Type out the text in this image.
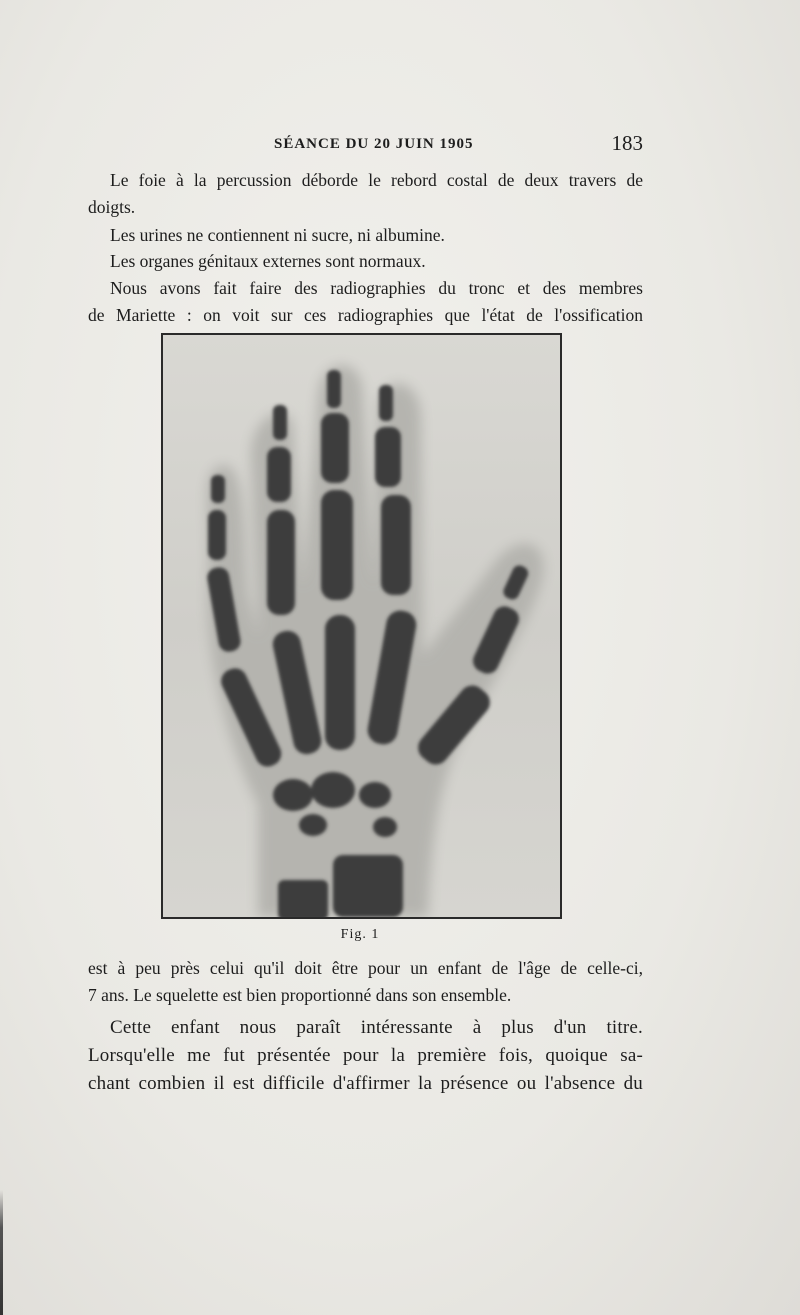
SÉANCE DU 20 JUIN 1905	183
Le foie à la percussion déborde le rebord costal de deux travers de
doigts.
Les urines ne contiennent ni sucre, ni albumine.
Les organes génitaux externes sont normaux.
Nous avons fait faire des radiographies du tronc et des membres
de Mariette : on voit sur ces radiographies que l'état de l'ossification
Fig. 1
est à peu près celui qu'il doit être pour un enfant de l'âge de celle-ci,
7 ans. Le squelette est bien proportionné dans son ensemble.
Cette enfant nous paraît intéressante à plus d'un titre.
Lorsqu'elle me fut présentée pour la première fois, quoique sa-
chant combien il est difficile d'affirmer la présence ou l'absence du
